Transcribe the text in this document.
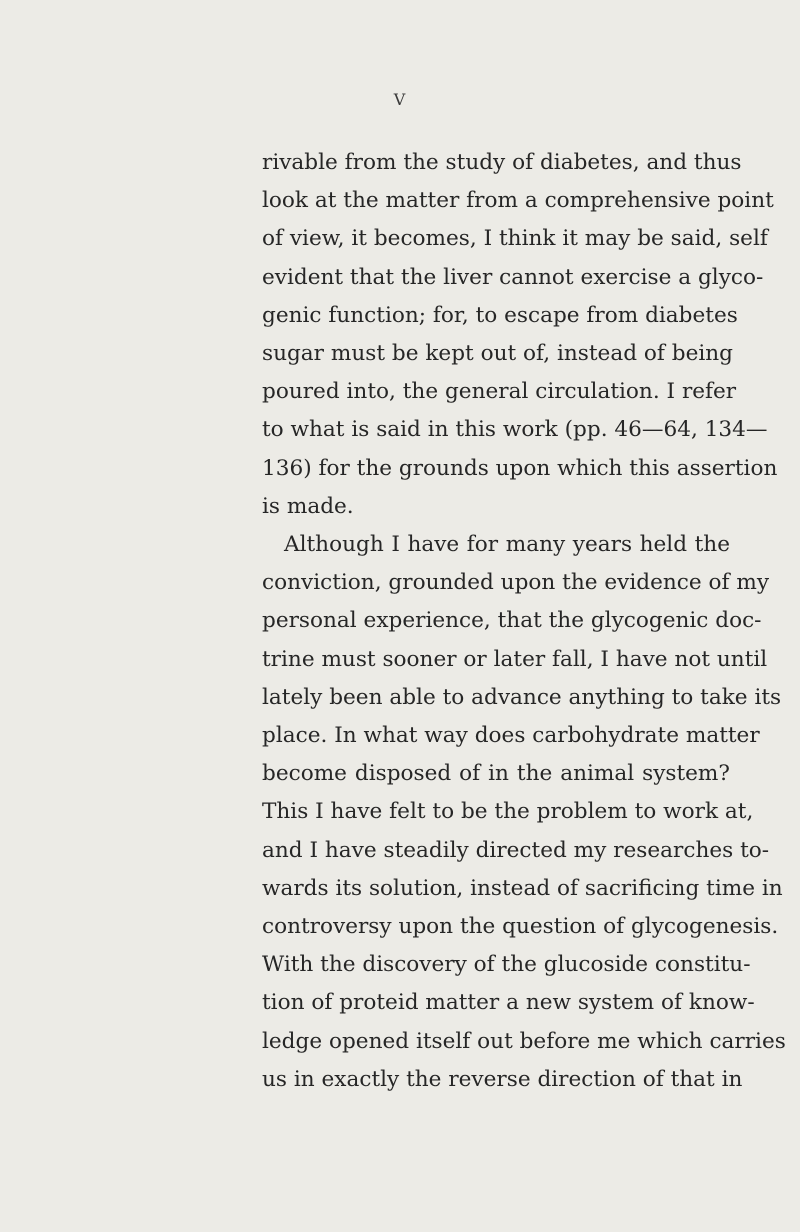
V
rivable from the study of diabetes, and thus
look at the matter from a comprehensive point
of view, it becomes, I think it may be said, self
evident that the liver cannot exercise a glyco-
genic function; for, to escape from diabetes
sugar must be kept out of, instead of being
poured into, the general circulation. I refer
to what is said in this work (pp. 46—64, 134—
136) for the grounds upon which this assertion
is made.
Although I have for many years held the
conviction, grounded upon the evidence of my
personal experience, that the glycogenic doc-
trine must sooner or later fall, I have not until
lately been able to advance anything to take its
place. In what way does carbohydrate matter
become disposed of in the animal system?
This I have felt to be the problem to work at,
and I have steadily directed my researches to-
wards its solution, instead of sacrificing time in
controversy upon the question of glycogenesis.
With the discovery of the glucoside constitu-
tion of proteid matter a new system of know-
ledge opened itself out before me which carries
us in exactly the reverse direction of that in
